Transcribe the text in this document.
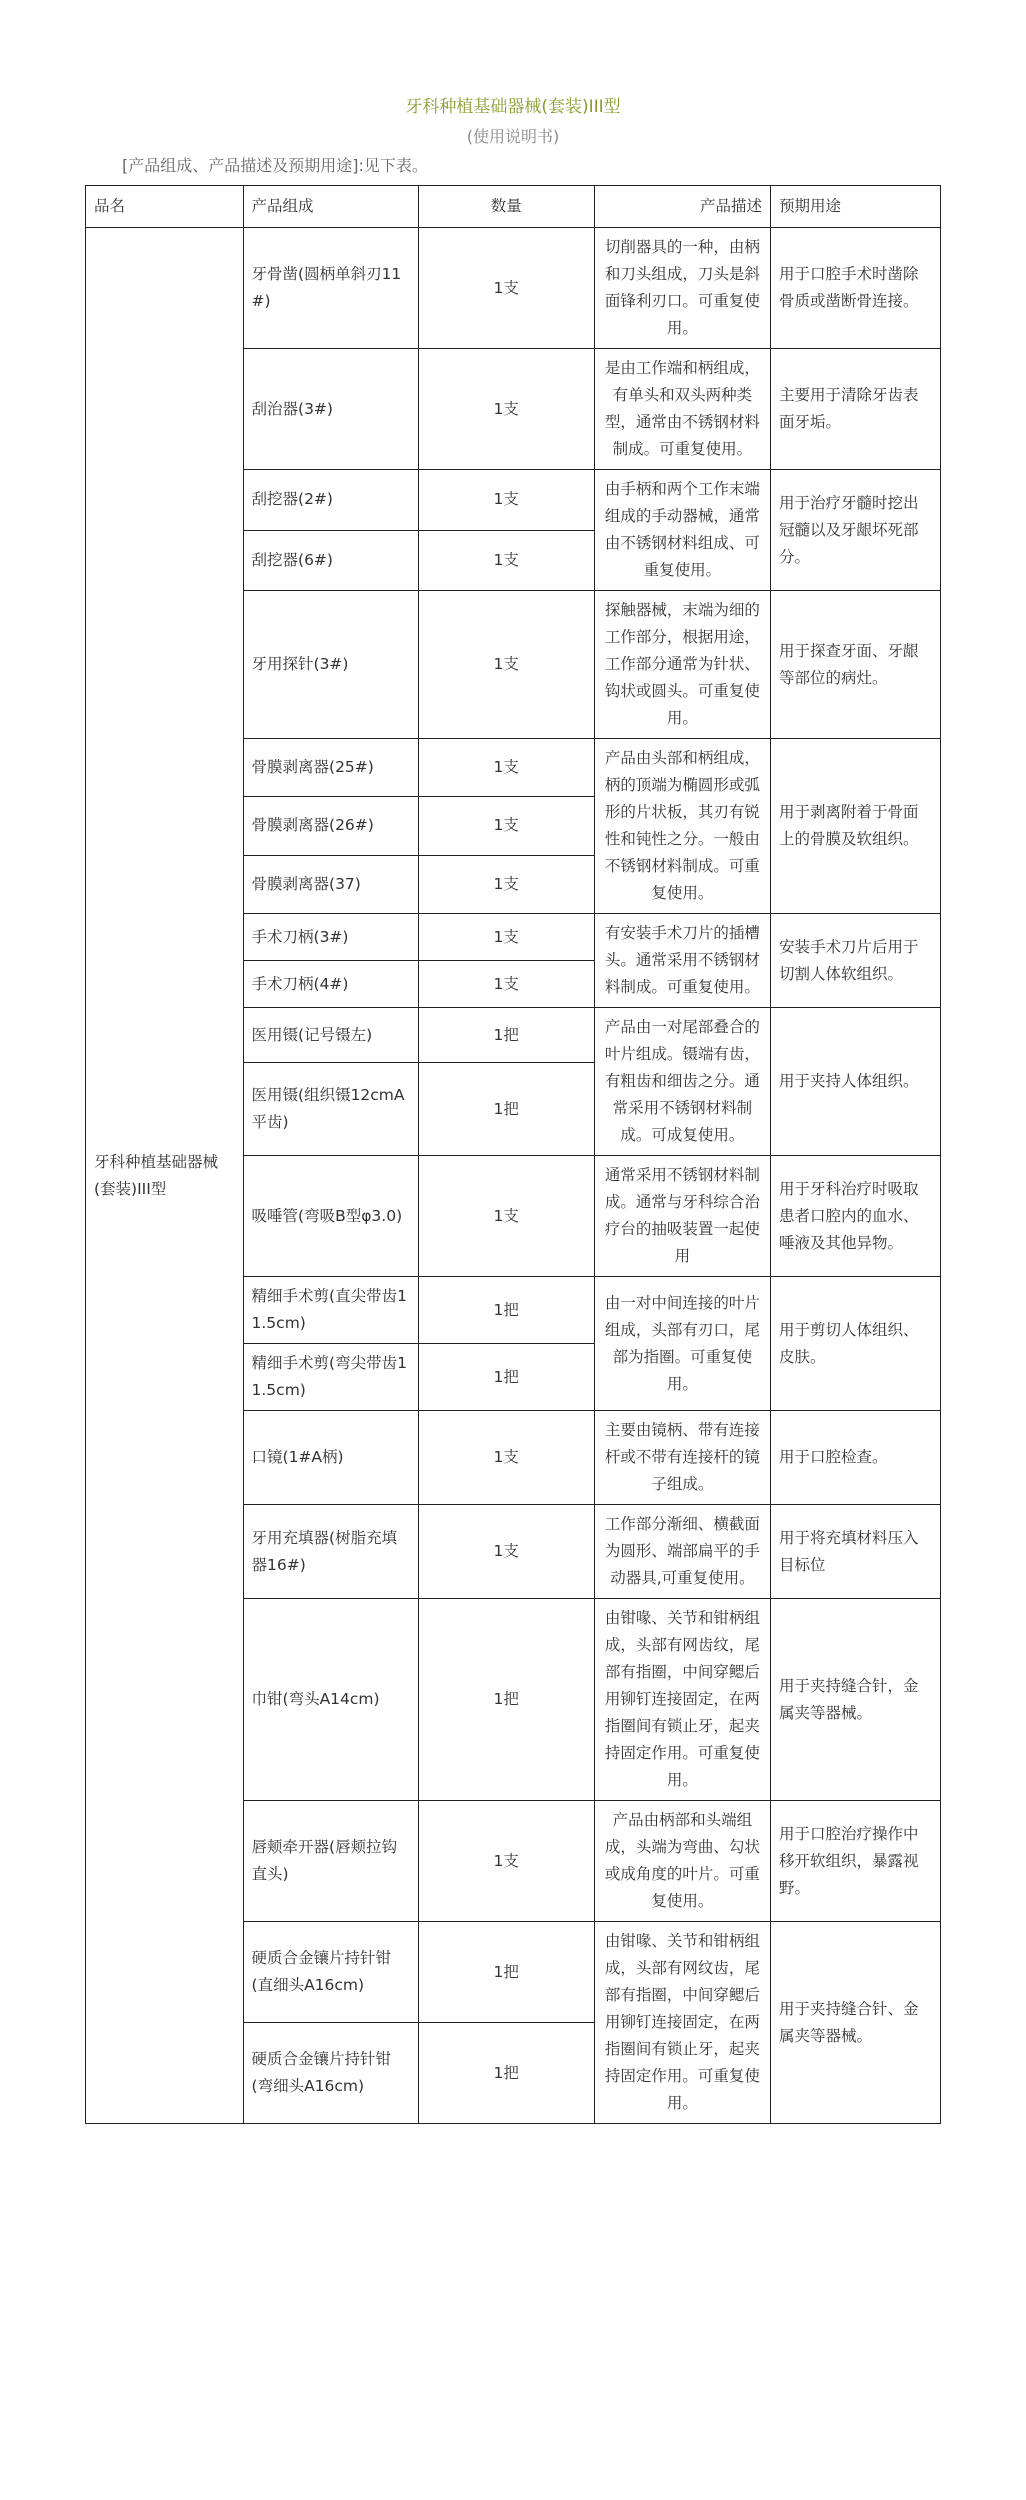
牙科种植基础器械(套装)III型
(使用说明书)
[产品组成、产品描述及预期用途]:见下表。
品名	产品组成	数量	产品描述	预期用途
牙科种植基础器械(套装)III型	牙骨凿(圆柄单斜刃11#)	1支	切削器具的一种，由柄和刀头组成，刀头是斜面锋利刃口。可重复使用。	用于口腔手术时凿除骨质或凿断骨连接。
	刮治器(3#)	1支	是由工作端和柄组成，有单头和双头两种类型，通常由不锈钢材料制成。可重复使用。	主要用于清除牙齿表面牙垢。
	刮挖器(2#)	1支	由手柄和两个工作末端组成的手动器械，通常由不锈钢材料组成、可重复使用。	用于治疗牙髓时挖出冠髓以及牙龈坏死部分。
	刮挖器(6#)	1支		
	牙用探针(3#)	1支	探触器械，末端为细的工作部分，根据用途，工作部分通常为针状、钩状或圆头。可重复使用。	用于探查牙面、牙龈等部位的病灶。
	骨膜剥离器(25#)	1支	产品由头部和柄组成，柄的顶端为椭圆形或弧形的片状板，其刃有锐性和钝性之分。一般由不锈钢材料制成。可重复使用。	用于剥离附着于骨面上的骨膜及软组织。
	骨膜剥离器(26#)	1支		
	骨膜剥离器(37)	1支		
	手术刀柄(3#)	1支	有安装手术刀片的插槽头。通常采用不锈钢材料制成。可重复使用。	安装手术刀片后用于切割人体软组织。
	手术刀柄(4#)	1支		
	医用镊(记号镊左)	1把	产品由一对尾部叠合的叶片组成。镊端有齿，有粗齿和细齿之分。通常采用不锈钢材料制成。可成复使用。	用于夹持人体组织。
	医用镊(组织镊12cmA平齿)	1把		
	吸唾管(弯吸B型φ3.0)	1支	通常采用不锈钢材料制成。通常与牙科综合治疗台的抽吸装置一起使用	用于牙科治疗时吸取患者口腔内的血水、唾液及其他异物。
	精细手术剪(直尖带齿11.5cm)	1把	由一对中间连接的叶片组成，头部有刃口，尾部为指圈。可重复使用。	用于剪切人体组织、皮肤。
	精细手术剪(弯尖带齿11.5cm)	1把		
	口镜(1#A柄)	1支	主要由镜柄、带有连接杆或不带有连接杆的镜子组成。	用于口腔检查。
	牙用充填器(树脂充填器16#)	1支	工作部分渐细、横截面为圆形、端部扁平的手动器具,可重复使用。	用于将充填材料压入目标位
	巾钳(弯头A14cm)	1把	由钳喙、关节和钳柄组成，头部有网齿纹，尾部有指圈，中间穿鳃后用铆钉连接固定，在两指圈间有锁止牙，起夹持固定作用。可重复使用。	用于夹持缝合针，金属夹等器械。
	唇颊牵开器(唇颊拉钩直头)	1支	产品由柄部和头端组成，头端为弯曲、勾状或成角度的叶片。可重复使用。	用于口腔治疗操作中移开软组织，暴露视野。
	硬质合金镶片持针钳(直细头A16cm)	1把	由钳喙、关节和钳柄组成，头部有网纹齿，尾部有指圈，中间穿鳃后用铆钉连接固定，在两指圈间有锁止牙，起夹持固定作用。可重复使用。	用于夹持缝合针、金属夹等器械。
	硬质合金镶片持针钳(弯细头A16cm)	1把		
